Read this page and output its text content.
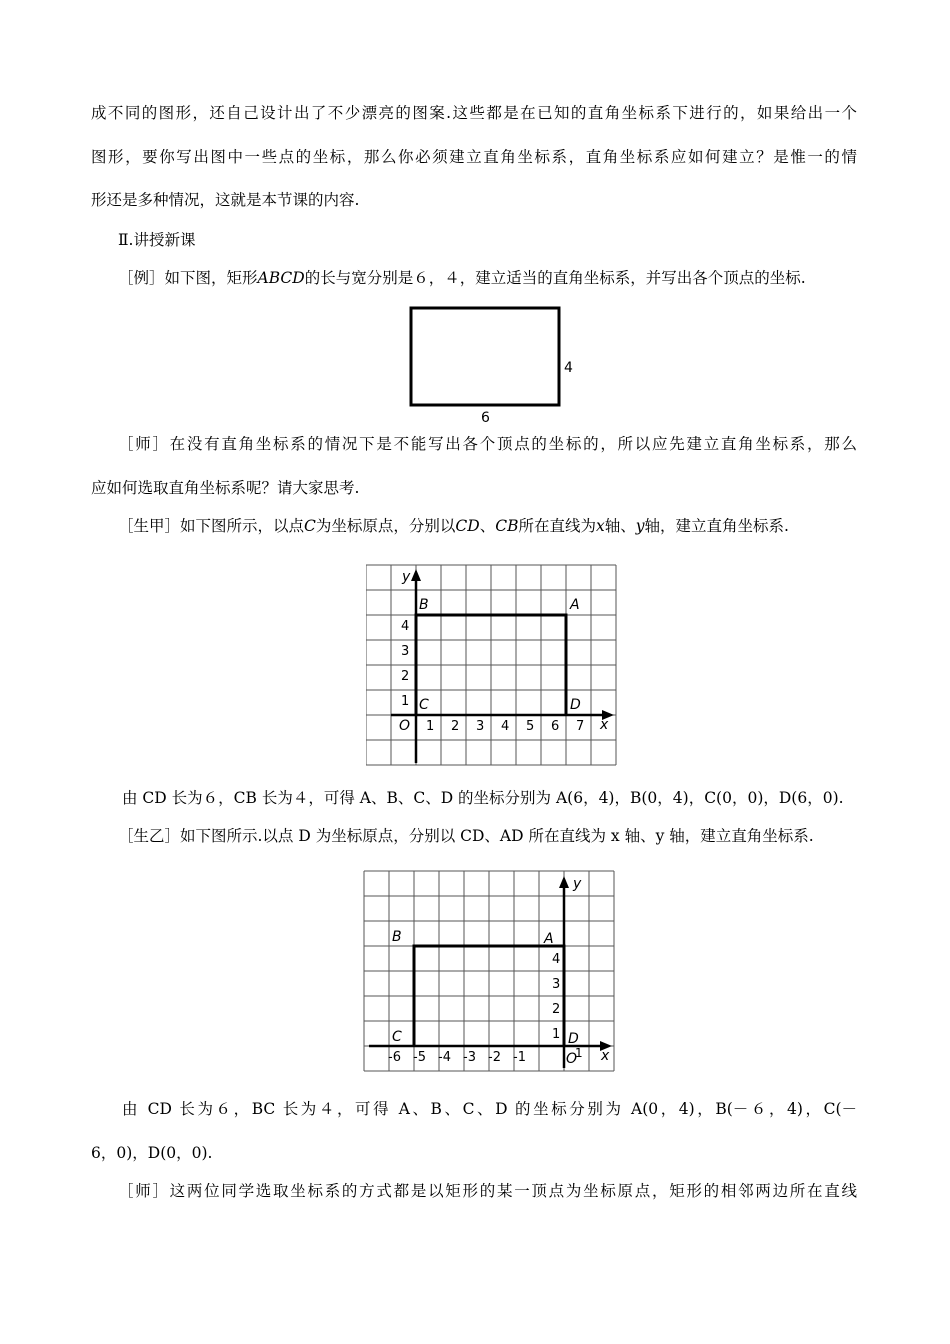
成不同的图形，还自己设计出了不少漂亮的图案.这些都是在已知的直角坐标系下进行的，如果给出一个
图形，要你写出图中一些点的坐标，那么你必须建立直角坐标系，直角坐标系应如何建立？是惟一的情
形还是多种情况，这就是本节课的内容.
Ⅱ.讲授新课
［例］如下图，矩形ABCD的长与宽分别是６，４，建立适当的直角坐标系，并写出各个顶点的坐标.
4
6
［师］在没有直角坐标系的情况下是不能写出各个顶点的坐标的，所以应先建立直角坐标系，那么
应如何选取直角坐标系呢？请大家思考.
［生甲］如下图所示，以点C为坐标原点，分别以CD、CB所在直线为x轴、y轴，建立直角坐标系.
y
x
O
B	A
C	D
1 2 3 4 5 6 7
1
2
3
4
由 CD 长为６，CB 长为４，可得 A、B、C、D 的坐标分别为 A(6，4)，B(0，4)，C(0，0)，D(6，0).
［生乙］如下图所示.以点 D 为坐标原点，分别以 CD、AD 所在直线为 x 轴、y 轴，建立直角坐标系.
y
x
O
B	A
C	D
-6 -5 -4 -3 -2 -1	1
1
2
3
4
由 CD 长为６，BC 长为４，可得 A、B、C、D 的坐标分别为 A(0，4)，B(－６，4)，C(－
6，0)，D(0，0).
［师］这两位同学选取坐标系的方式都是以矩形的某一顶点为坐标原点，矩形的相邻两边所在直线
